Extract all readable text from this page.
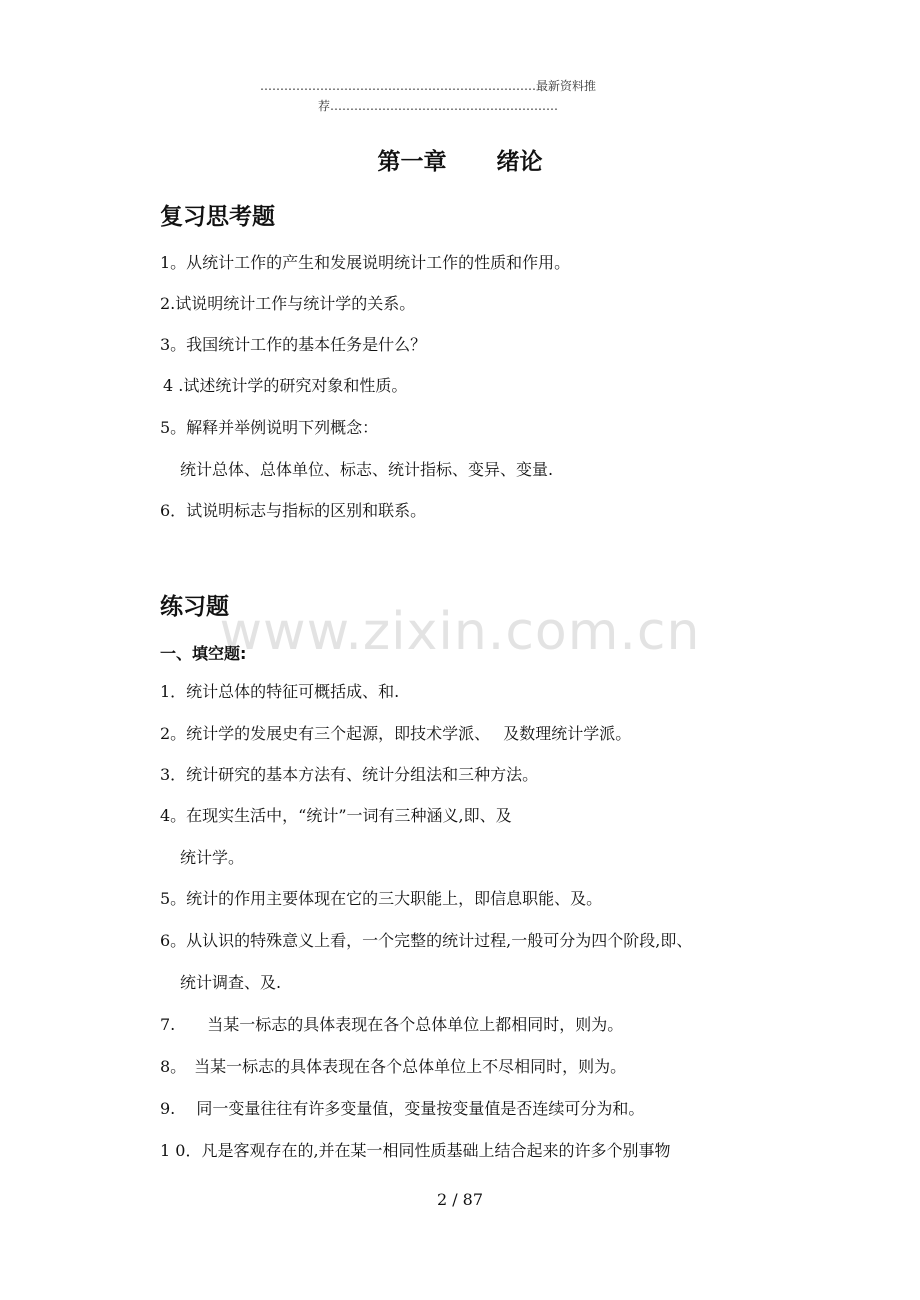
www.zixin.com.cn
……………………………………………………………最新资料推
荐…………………………………………………
第一章 绪论
复习思考题
1。从统计工作的产生和发展说明统计工作的性质和作用。
2.试说明统计工作与统计学的关系。
3。我国统计工作的基本任务是什么？
4 .试述统计学的研究对象和性质。
5。解释并举例说明下列概念：
统计总体、总体单位、标志、统计指标、变异、变量.
6．试说明标志与指标的区别和联系。
练习题
一、填空题:
1．统计总体的特征可概括成、和.
2。统计学的发展史有三个起源，即技术学派、　 及数理统计学派。
3．统计研究的基本方法有、统计分组法和三种方法。
4。在现实生活中，“统计”一词有三种涵义,即、及
统计学。
5。统计的作用主要体现在它的三大职能上，即信息职能、及。
6。从认识的特殊意义上看，一个完整的统计过程,一般可分为四个阶段,即、
统计调查、及.
7.　　当某一标志的具体表现在各个总体单位上都相同时，则为。
8。　当某一标志的具体表现在各个总体单位上不尽相同时，则为。
9.　 同一变量往往有许多变量值，变量按变量值是否连续可分为和。
1 0．凡是客观存在的,并在某一相同性质基础上结合起来的许多个别事物
2 / 87
